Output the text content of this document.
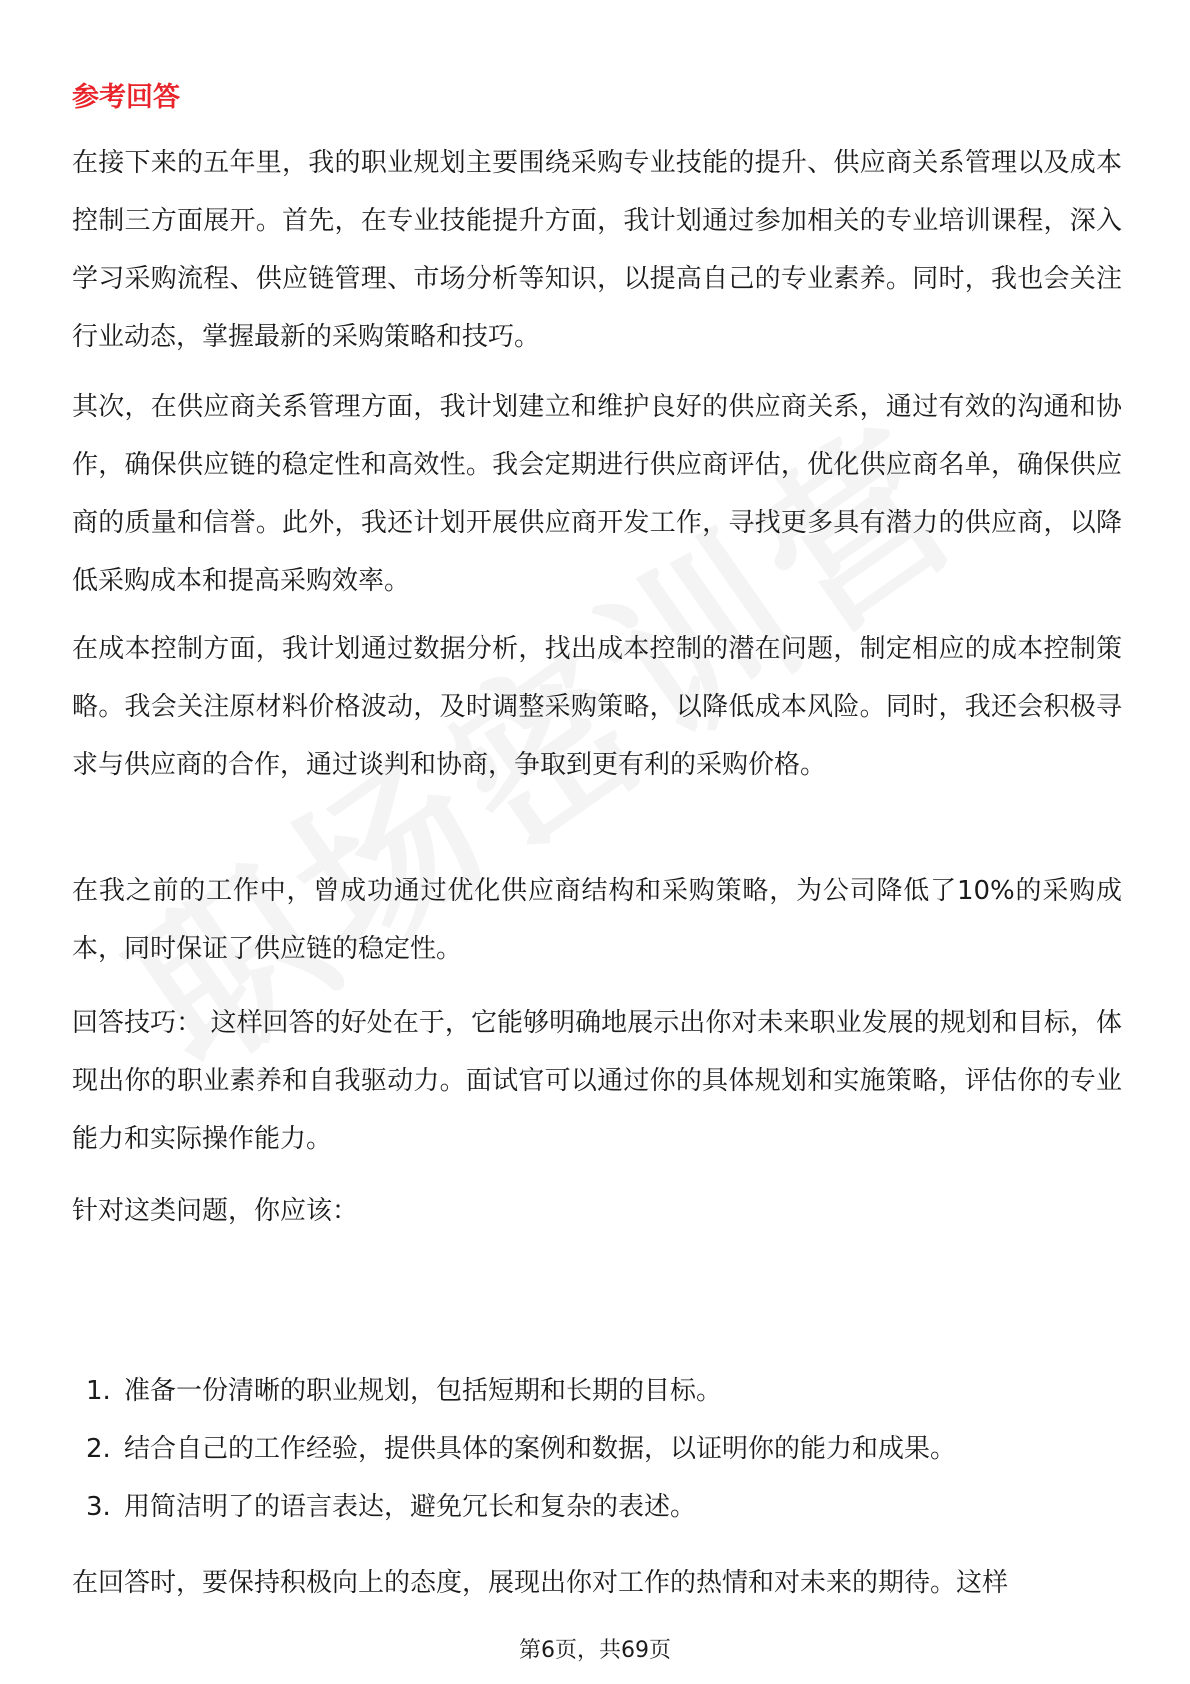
参考回答

在接下来的五年里，我的职业规划主要围绕采购专业技能的提升、供应商关系管理以及成本控制三方面展开。首先，在专业技能提升方面，我计划通过参加相关的专业培训课程，深入学习采购流程、供应链管理、市场分析等知识，以提高自己的专业素养。同时，我也会关注行业动态，掌握最新的采购策略和技巧。

其次，在供应商关系管理方面，我计划建立和维护良好的供应商关系，通过有效的沟通和协作，确保供应链的稳定性和高效性。我会定期进行供应商评估，优化供应商名单，确保供应商的质量和信誉。此外，我还计划开展供应商开发工作，寻找更多具有潜力的供应商，以降低采购成本和提高采购效率。

在成本控制方面，我计划通过数据分析，找出成本控制的潜在问题，制定相应的成本控制策略。我会关注原材料价格波动，及时调整采购策略，以降低成本风险。同时，我还会积极寻求与供应商的合作，通过谈判和协商，争取到更有利的采购价格。

在我之前的工作中，曾成功通过优化供应商结构和采购策略，为公司降低了10%的采购成本，同时保证了供应链的稳定性。

回答技巧： 这样回答的好处在于，它能够明确地展示出你对未来职业发展的规划和目标，体现出你的职业素养和自我驱动力。面试官可以通过你的具体规划和实施策略，评估你的专业能力和实际操作能力。

针对这类问题，你应该：

1. 准备一份清晰的职业规划，包括短期和长期的目标。
2. 结合自己的工作经验，提供具体的案例和数据，以证明你的能力和成果。
3. 用简洁明了的语言表达，避免冗长和复杂的表述。

在回答时，要保持积极向上的态度，展现出你对工作的热情和对未来的期待。这样

第6页，共69页
